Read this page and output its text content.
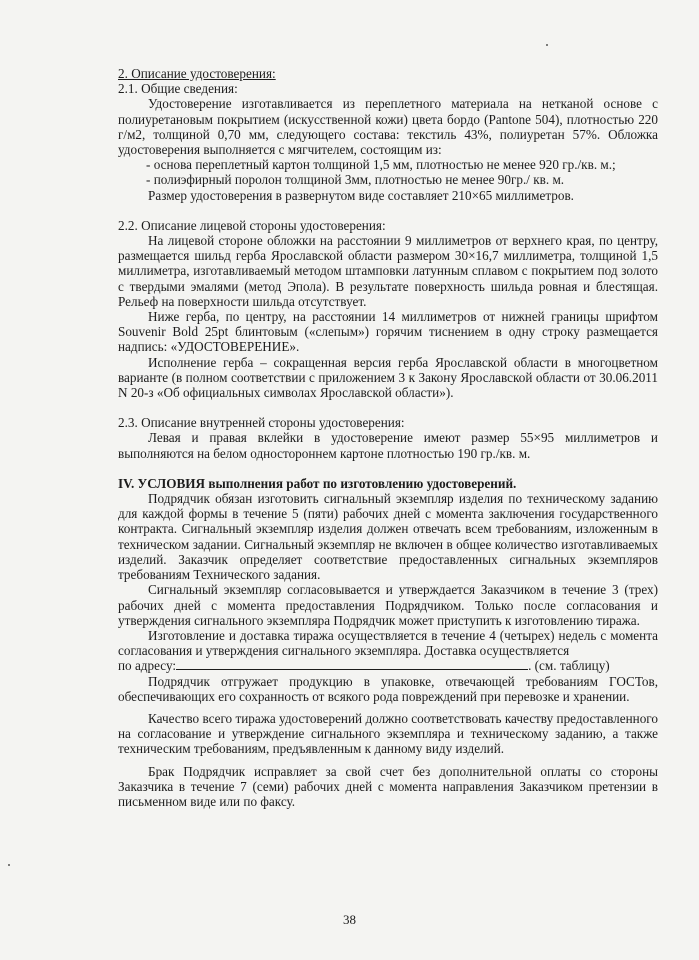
2. Описание удостоверения:

2.1. Общие сведения:

Удостоверение изготавливается из переплетного материала на нетканой основе с полиуретановым покрытием (искусственной кожи) цвета бордо (Pantone 504), плотностью 220 г/м2, толщиной 0,70 мм, следующего состава: текстиль 43%, полиуретан 57%. Обложка удостоверения выполняется с мягчителем, состоящим из:

- основа переплетный картон толщиной 1,5 мм, плотностью не менее 920 гр./кв. м.;

- полиэфирный поролон толщиной 3мм, плотностью не менее 90гр./ кв. м.

Размер удостоверения в развернутом виде составляет 210×65 миллиметров.

2.2. Описание лицевой стороны удостоверения:

На лицевой стороне обложки на расстоянии 9 миллиметров от верхнего края, по центру, размещается шильд герба Ярославской области размером 30×16,7 миллиметра, толщиной 1,5 миллиметра, изготавливаемый методом штамповки латунным сплавом с покрытием под золото с твердыми эмалями (метод Эпола). В результате поверхность шильда ровная и блестящая. Рельеф на поверхности шильда отсутствует.

Ниже герба, по центру, на расстоянии 14 миллиметров от нижней границы шрифтом Souvenir Bold 25pt блинтовым («слепым») горячим тиснением в одну строку размещается надпись: «УДОСТОВЕРЕНИЕ».

Исполнение герба – сокращенная версия герба Ярославской области в многоцветном варианте (в полном соответствии с приложением 3 к Закону Ярославской области от 30.06.2011 N 20-з «Об официальных символах Ярославской области»).

2.3. Описание внутренней стороны удостоверения:

Левая и правая вклейки в удостоверение имеют размер 55×95 миллиметров и выполняются на белом одностороннем картоне плотностью 190 гр./кв. м.

IV. УСЛОВИЯ выполнения работ по изготовлению удостоверений.

Подрядчик обязан изготовить сигнальный экземпляр изделия по техническому заданию для каждой формы в течение 5 (пяти) рабочих дней с момента заключения государственного контракта. Сигнальный экземпляр изделия должен отвечать всем требованиям, изложенным в техническом задании. Сигнальный экземпляр не включен в общее количество изготавливаемых изделий. Заказчик определяет соответствие предоставленных сигнальных экземпляров требованиям Технического задания.

Сигнальный экземпляр согласовывается и утверждается Заказчиком в течение 3 (трех) рабочих дней с момента предоставления Подрядчиком. Только после согласования и утверждения сигнального экземпляра Подрядчик может приступить к изготовлению тиража.

Изготовление и доставка тиража осуществляется в течение 4 (четырех) недель с момента согласования и утверждения сигнального экземпляра. Доставка осуществляется

по адресу:	. (см. таблицу)

Подрядчик отгружает продукцию в упаковке, отвечающей требованиям ГОСТов, обеспечивающих его сохранность от всякого рода повреждений при перевозке и хранении.

Качество всего тиража удостоверений должно соответствовать качеству предоставленного на согласование и утверждение сигнального экземпляра и техническому заданию, а также техническим требованиям, предъявленным к данному виду изделий.

Брак Подрядчик исправляет за свой счет без дополнительной оплаты со стороны Заказчика в течение 7 (семи) рабочих дней с момента направления Заказчиком претензии в письменном виде или по факсу.

38
